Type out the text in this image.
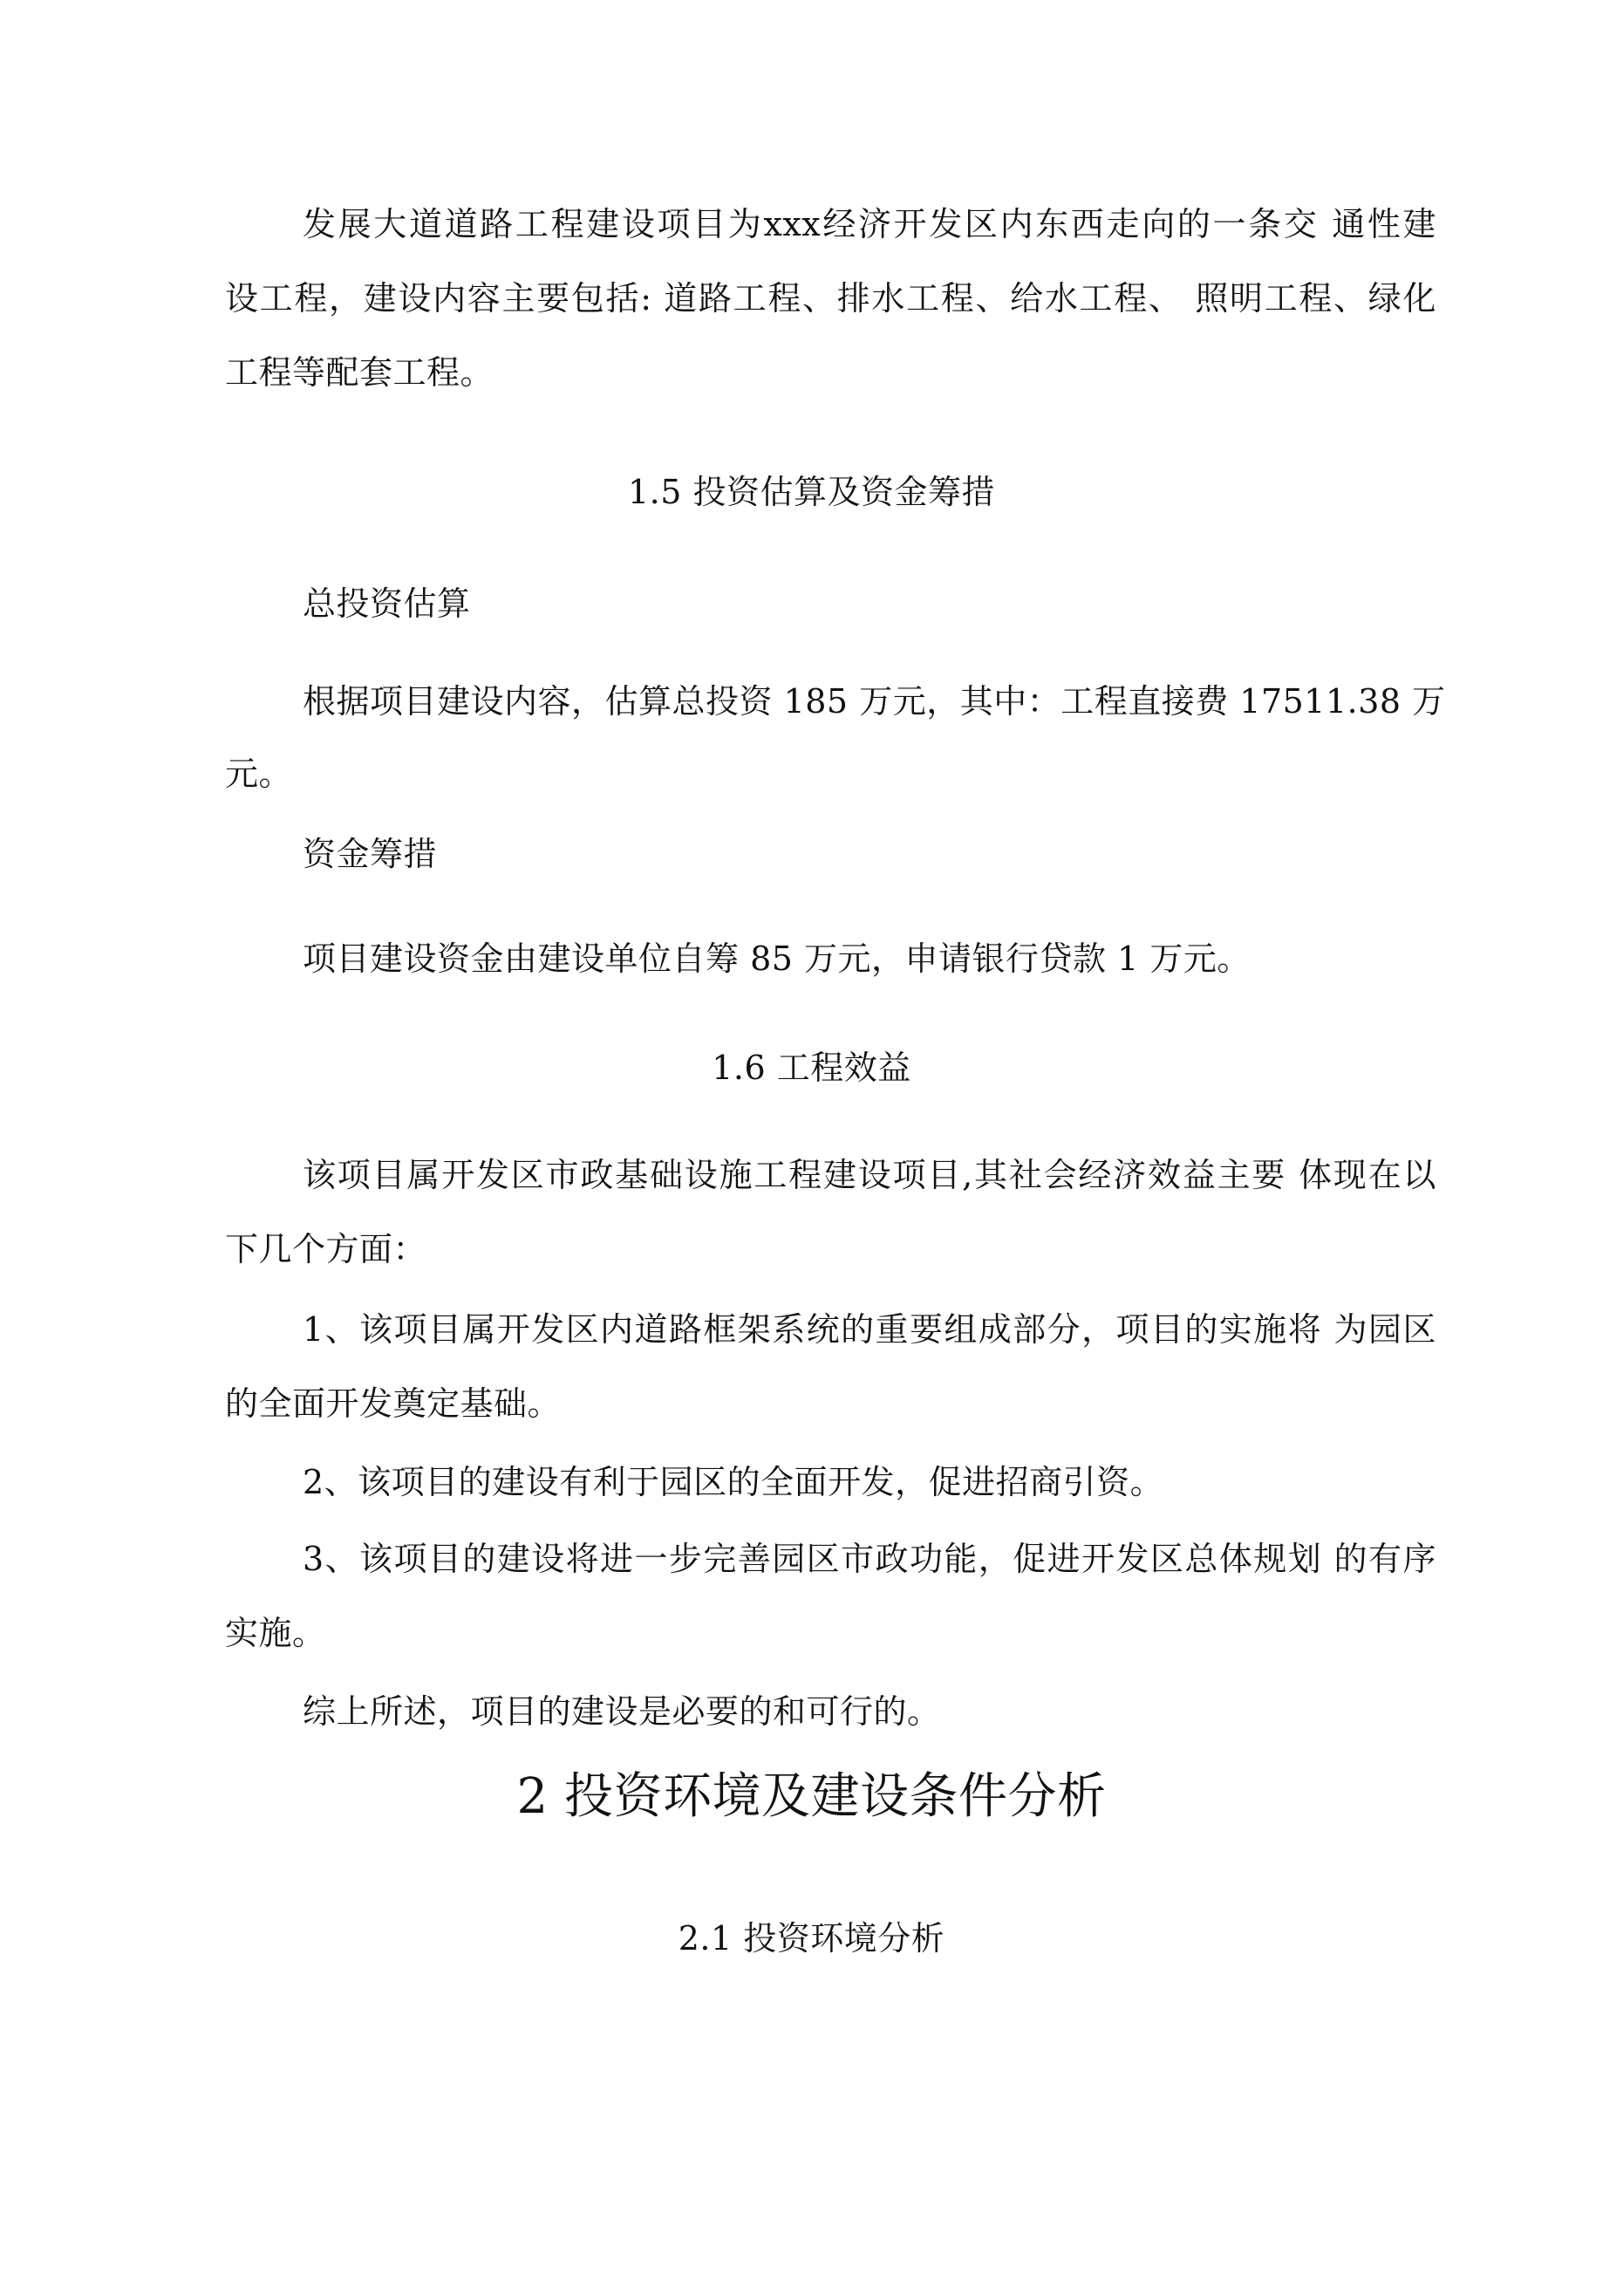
发展大道道路工程建设项目为xxx经济开发区内东西走向的一条交 通性建
设工程，建设内容主要包括: 道路工程、排水工程、给水工程、 照明工程、绿化
工程等配套工程。
1.5 投资估算及资金筹措
总投资估算
根据项目建设内容，估算总投资 185 万元，其中：工程直接费 17511.38 万
元。
资金筹措
项目建设资金由建设单位自筹 85 万元，申请银行贷款 1 万元。
1.6 工程效益
该项目属开发区市政基础设施工程建设项目,其社会经济效益主要 体现在以
下几个方面：
1、该项目属开发区内道路框架系统的重要组成部分，项目的实施将 为园区
的全面开发奠定基础。
2、该项目的建设有利于园区的全面开发，促进招商引资。
3、该项目的建设将进一步完善园区市政功能，促进开发区总体规划 的有序
实施。
综上所述，项目的建设是必要的和可行的。
2 投资环境及建设条件分析
2.1 投资环境分析
